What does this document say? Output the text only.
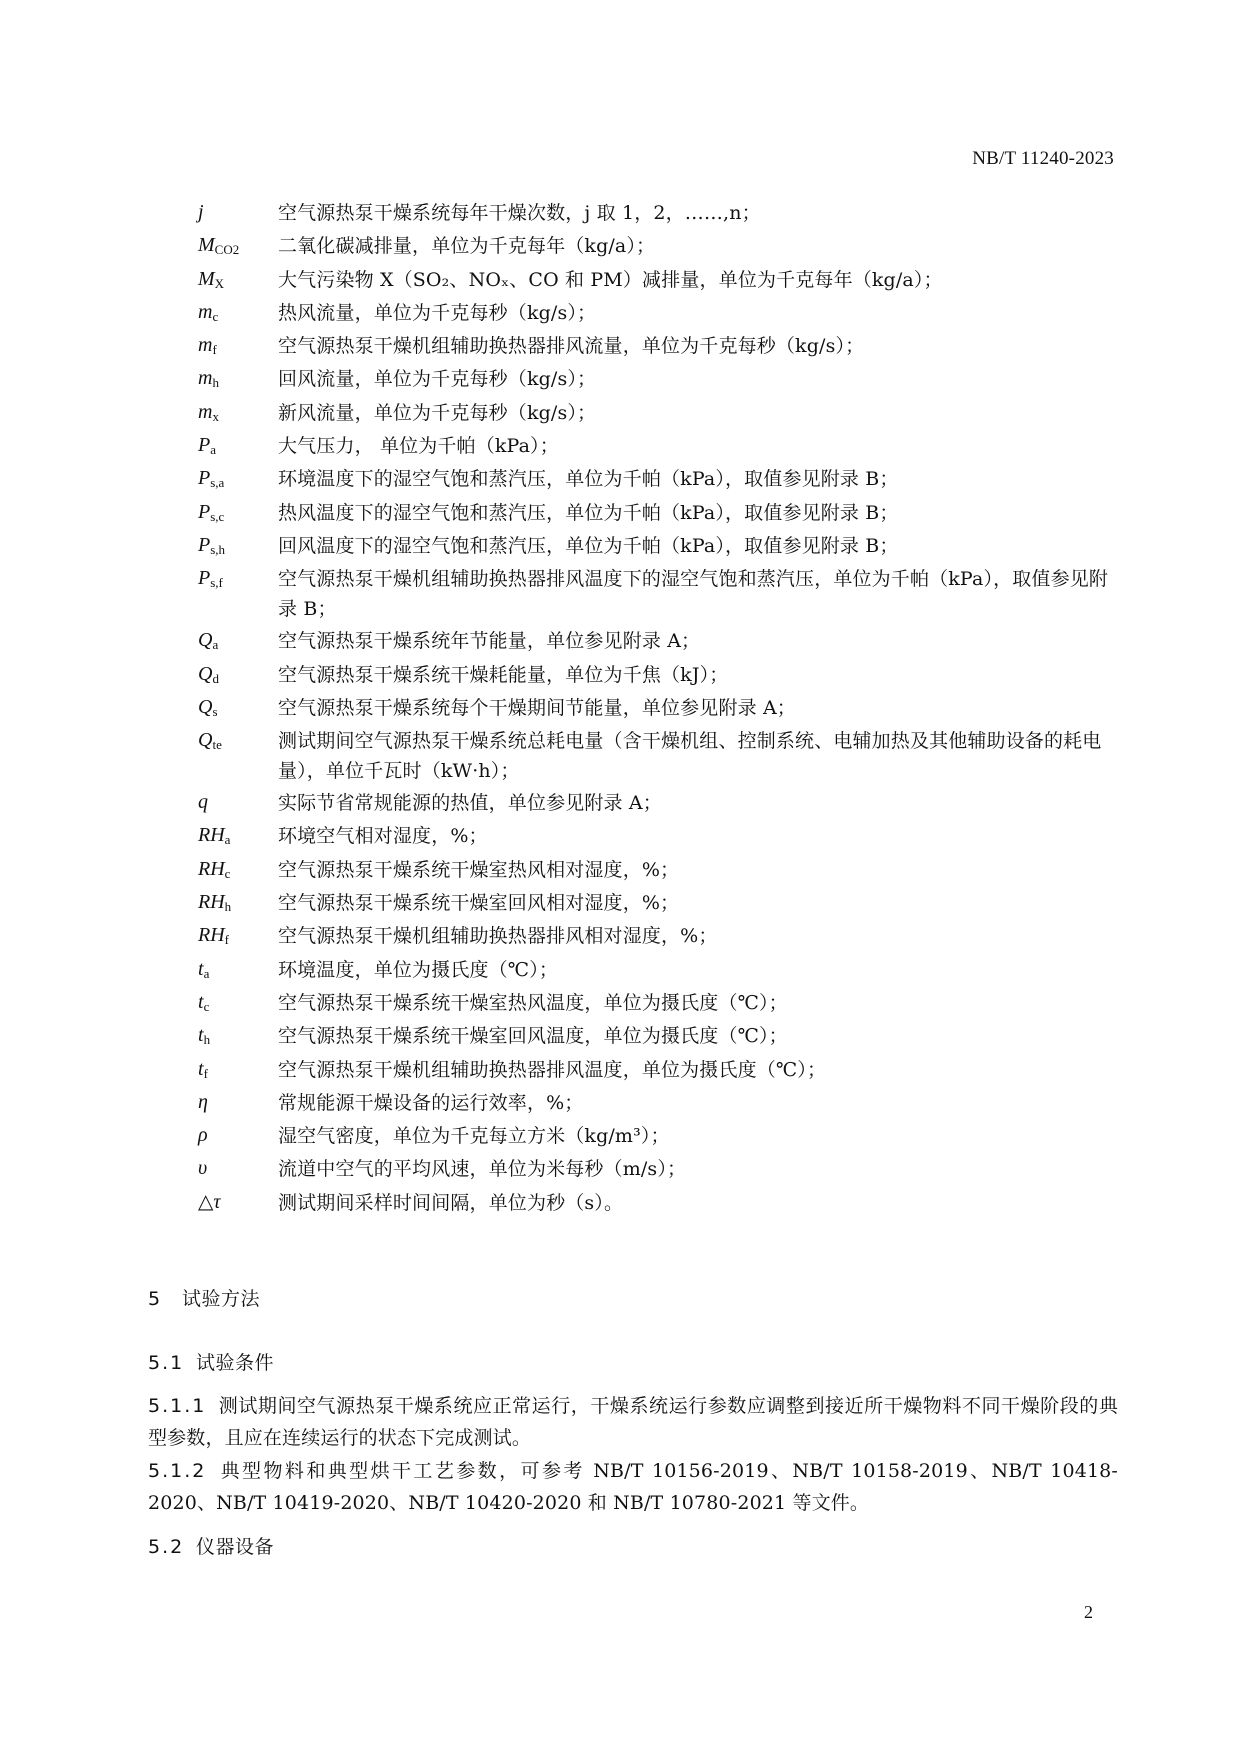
NB/T 11240-2023
j	空气源热泵干燥系统每年干燥次数，j 取 1，2，……,n；
$M_{CO2}$ 二氧化碳减排量，单位为千克每年（kg/a）；
$M_X$	大气污染物 X（SO₂、NOₓ、CO 和 PM）减排量，单位为千克每年（kg/a）；
$m_c$	热风流量，单位为千克每秒（kg/s）；
$m_f$	空气源热泵干燥机组辅助换热器排风流量，单位为千克每秒（kg/s）；
$m_h$	回风流量，单位为千克每秒（kg/s）；
$m_x$	新风流量，单位为千克每秒（kg/s）；
$P_a$	大气压力， 单位为千帕（kPa）；
$P_{s,a}$	环境温度下的湿空气饱和蒸汽压，单位为千帕（kPa），取值参见附录 B；
$P_{s,c}$	热风温度下的湿空气饱和蒸汽压，单位为千帕（kPa），取值参见附录 B；
$P_{s,h}$	回风温度下的湿空气饱和蒸汽压，单位为千帕（kPa），取值参见附录 B；
$P_{s,f}$	空气源热泵干燥机组辅助换热器排风温度下的湿空气饱和蒸汽压，单位为千帕（kPa），取值参见附录 B；
$Q_a$	空气源热泵干燥系统年节能量，单位参见附录 A；
$Q_d$	空气源热泵干燥系统干燥耗能量，单位为千焦（kJ）；
$Q_s$	空气源热泵干燥系统每个干燥期间节能量，单位参见附录 A；
$Q_{te}$	测试期间空气源热泵干燥系统总耗电量（含干燥机组、控制系统、电辅加热及其他辅助设备的耗电量），单位千瓦时（kW·h）；
q	实际节省常规能源的热值，单位参见附录 A；
$RH_a$	环境空气相对湿度，%；
$RH_c$	空气源热泵干燥系统干燥室热风相对湿度，%；
$RH_h$ 空气源热泵干燥系统干燥室回风相对湿度，%；
$RH_f$	空气源热泵干燥机组辅助换热器排风相对湿度，%；
$t_a$	环境温度，单位为摄氏度（℃）；
$t_c$	空气源热泵干燥系统干燥室热风温度，单位为摄氏度（℃）；
$t_h$	空气源热泵干燥系统干燥室回风温度，单位为摄氏度（℃）；
$t_f$	空气源热泵干燥机组辅助换热器排风温度，单位为摄氏度（℃）；
η	常规能源干燥设备的运行效率，%；
ρ	湿空气密度，单位为千克每立方米（kg/m³）；
υ	流道中空气的平均风速，单位为米每秒（m/s）；
△τ	测试期间采样时间间隔，单位为秒（s）。
5 试验方法
5.1 试验条件
5.1.1 测试期间空气源热泵干燥系统应正常运行，干燥系统运行参数应调整到接近所干燥物料不同干燥阶段的典型参数，且应在连续运行的状态下完成测试。
5.1.2 典型物料和典型烘干工艺参数，可参考 NB/T 10156-2019、NB/T 10158-2019、NB/T 10418-2020、NB/T 10419-2020、NB/T 10420-2020 和 NB/T 10780-2021 等文件。
5.2 仪器设备
2
